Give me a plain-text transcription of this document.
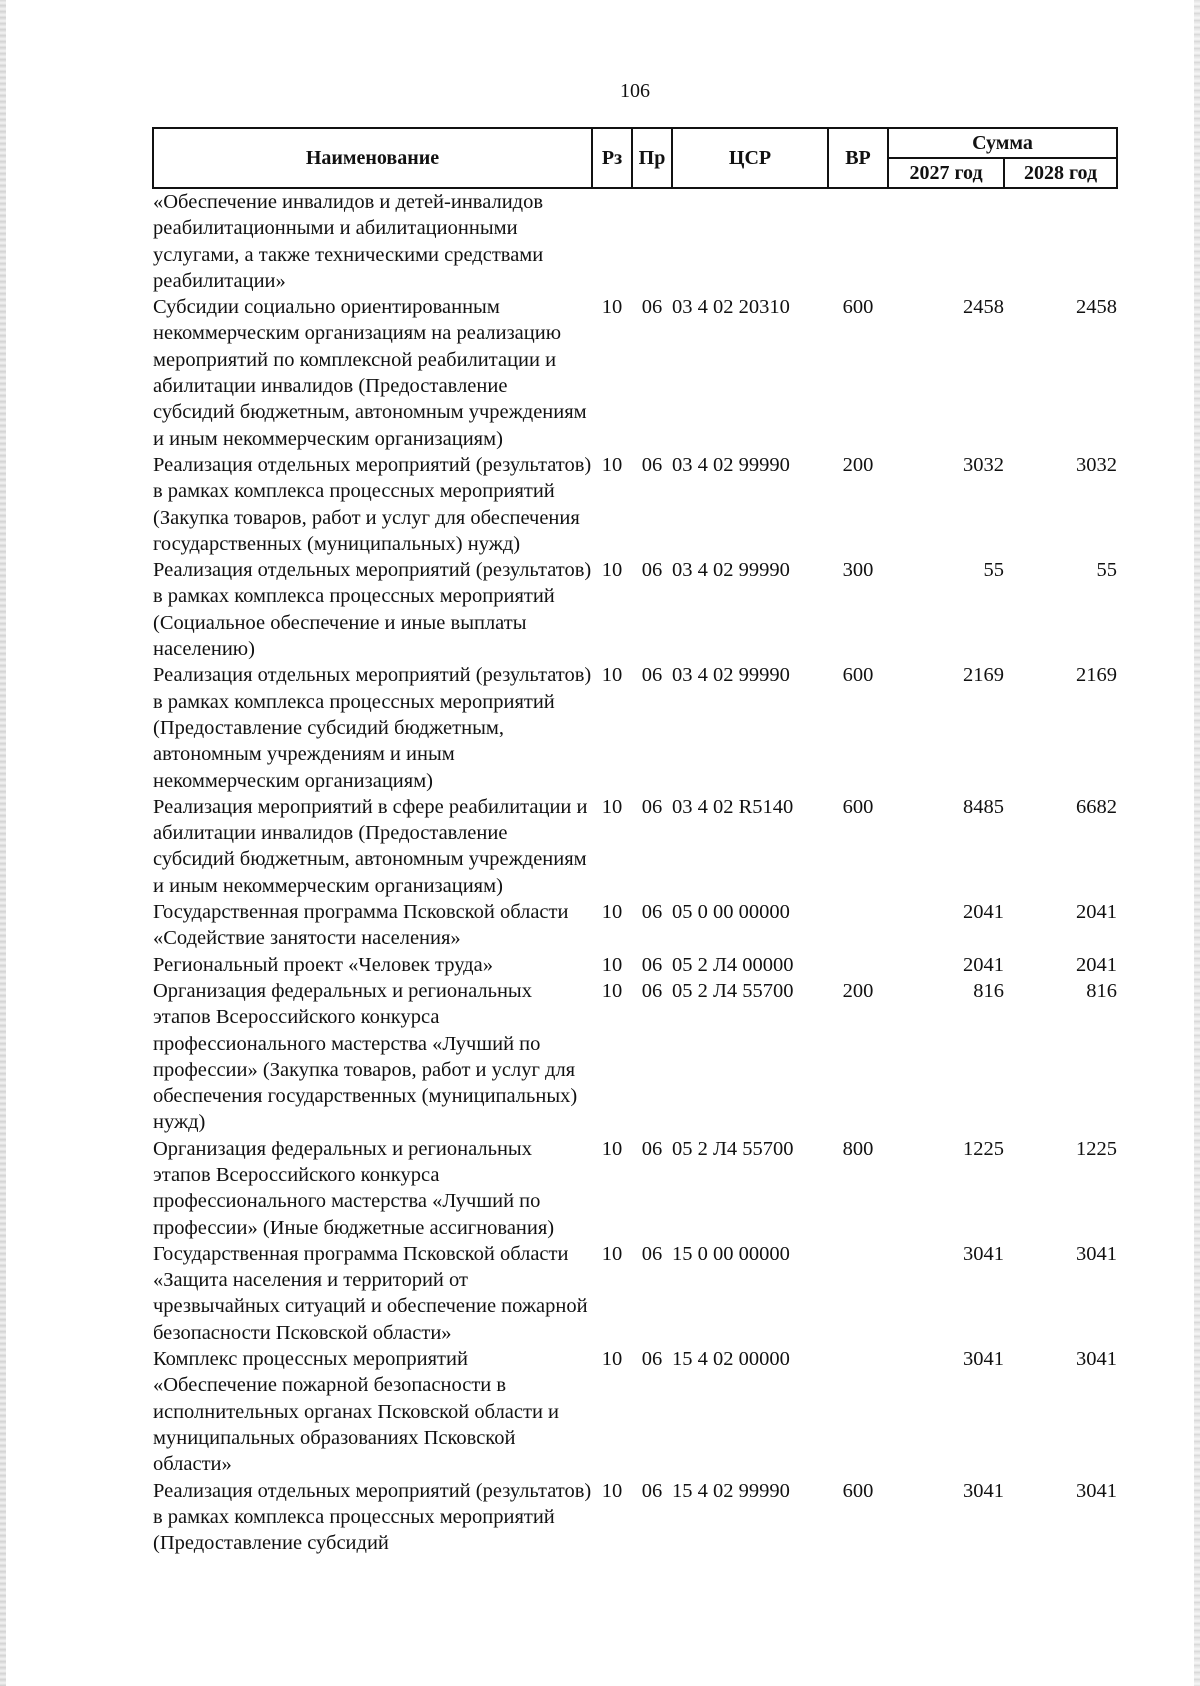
106
Наименование	Рз	Пр	ЦСР	ВР	Сумма	
					2027 год	2028 год
«Обеспечение инвалидов и детей-инвалидов реабилитационными и абилитационными услугами, а также техническими средствами реабилитации»						
Субсидии социально ориентированным некоммерческим организациям на реализацию мероприятий по комплексной реабилитации и абилитации инвалидов (Предоставление субсидий бюджетным, автономным учреждениям и иным некоммерческим организациям)	10	06	03 4 02 20310	600	2458	2458
Реализация отдельных мероприятий (результатов) в рамках комплекса процессных мероприятий (Закупка товаров, работ и услуг для обеспечения государственных (муниципальных) нужд)	10	06	03 4 02 99990	200	3032	3032
Реализация отдельных мероприятий (результатов) в рамках комплекса процессных мероприятий (Социальное обеспечение и иные выплаты населению)	10	06	03 4 02 99990	300	55	55
Реализация отдельных мероприятий (результатов) в рамках комплекса процессных мероприятий (Предоставление субсидий бюджетным, автономным учреждениям и иным некоммерческим организациям)	10	06	03 4 02 99990	600	2169	2169
Реализация мероприятий в сфере реабилитации и абилитации инвалидов (Предоставление субсидий бюджетным, автономным учреждениям и иным некоммерческим организациям)	10	06	03 4 02 R5140	600	8485	6682
Государственная программа Псковской области «Содействие занятости населения»	10	06	05 0 00 00000		2041	2041
Региональный проект «Человек труда»	10	06	05 2 Л4 00000		2041	2041
Организация федеральных и региональных этапов Всероссийского конкурса профессионального мастерства «Лучший по профессии» (Закупка товаров, работ и услуг для обеспечения государственных (муниципальных) нужд)	10	06	05 2 Л4 55700	200	816	816
Организация федеральных и региональных этапов Всероссийского конкурса профессионального мастерства «Лучший по профессии» (Иные бюджетные ассигнования)	10	06	05 2 Л4 55700	800	1225	1225
Государственная программа Псковской области «Защита населения и территорий от чрезвычайных ситуаций и обеспечение пожарной безопасности Псковской области»	10	06	15 0 00 00000		3041	3041
Комплекс процессных мероприятий «Обеспечение пожарной безопасности в исполнительных органах Псковской области и муниципальных образованиях Псковской области»	10	06	15 4 02 00000		3041	3041
Реализация отдельных мероприятий (результатов) в рамках комплекса процессных мероприятий (Предоставление субсидий	10	06	15 4 02 99990	600	3041	3041
